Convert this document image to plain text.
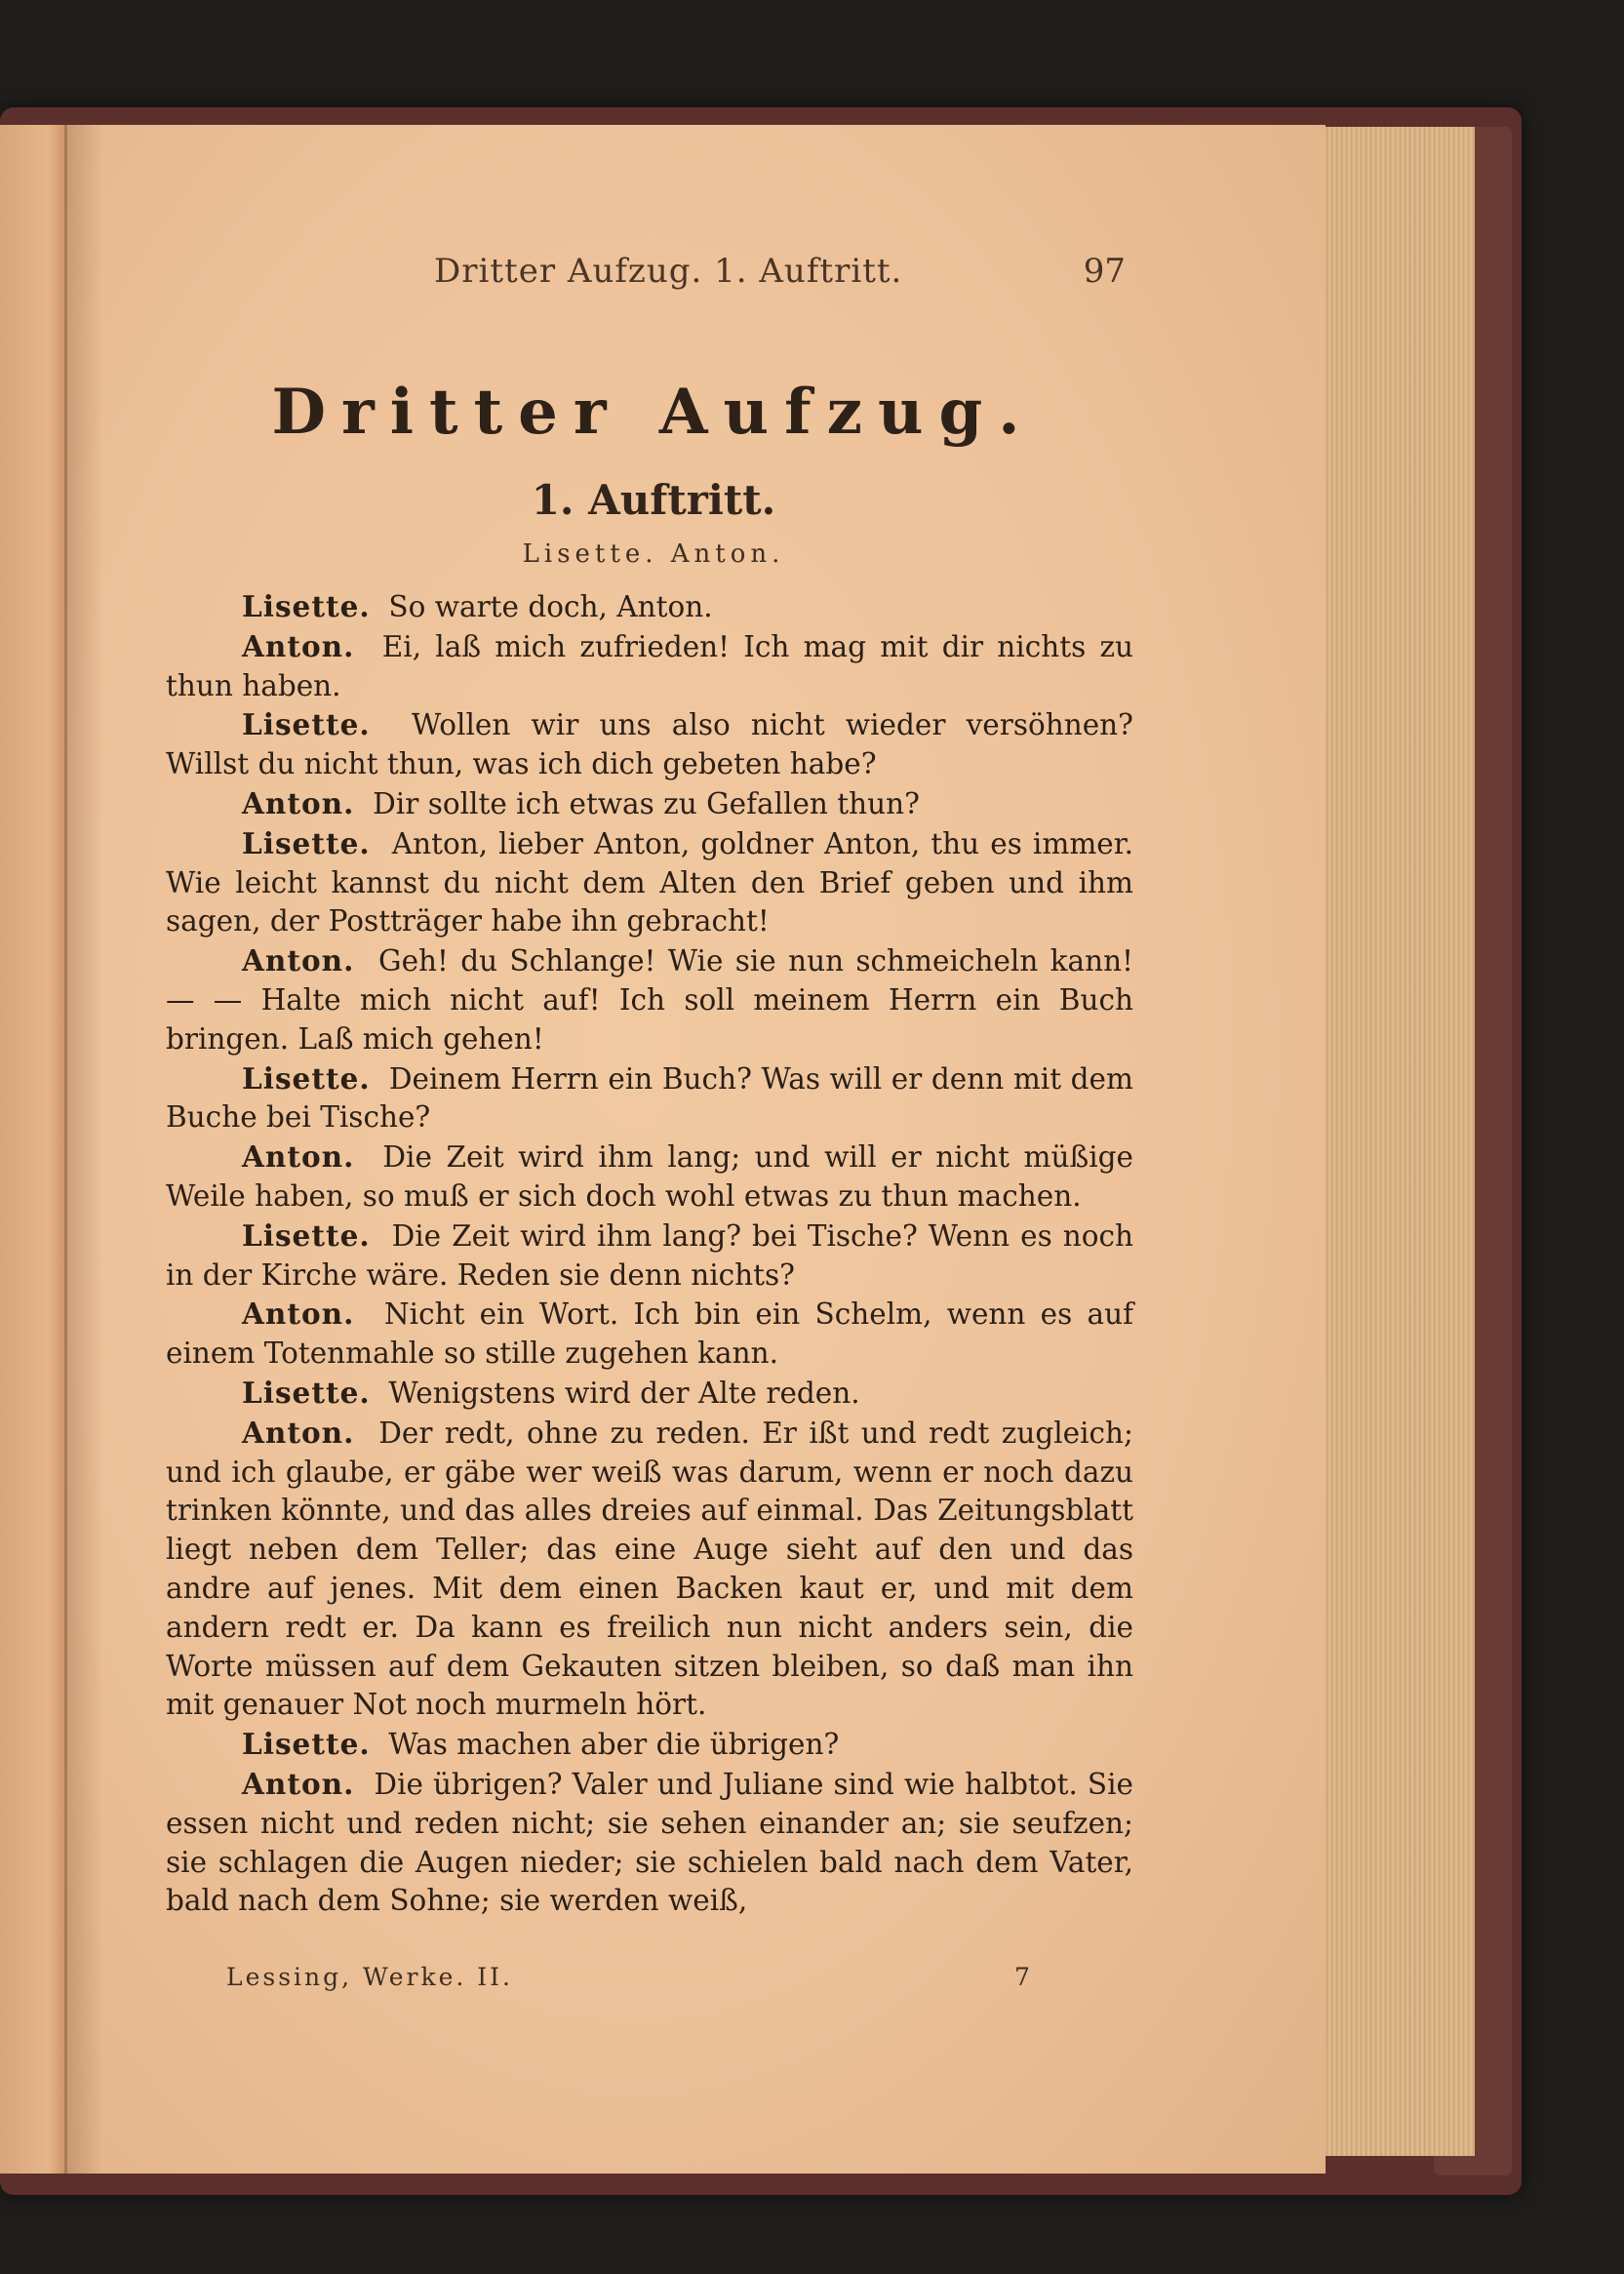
Dritter Aufzug. 1. Auftritt.	97
Dritter Aufzug.
1. Auftritt.
Lisette. Anton.

Lisette. So warte doch, Anton.

Anton. Ei, laß mich zufrieden! Ich mag mit dir nichts zu thun haben.

Lisette. Wollen wir uns also nicht wieder versöhnen? Willst du nicht thun, was ich dich gebeten habe?

Anton. Dir sollte ich etwas zu Gefallen thun?

Lisette. Anton, lieber Anton, goldner Anton, thu es immer. Wie leicht kannst du nicht dem Alten den Brief geben und ihm sagen, der Postträger habe ihn gebracht!

Anton. Geh! du Schlange! Wie sie nun schmeicheln kann! — — Halte mich nicht auf! Ich soll meinem Herrn ein Buch bringen. Laß mich gehen!

Lisette. Deinem Herrn ein Buch? Was will er denn mit dem Buche bei Tische?

Anton. Die Zeit wird ihm lang; und will er nicht müßige Weile haben, so muß er sich doch wohl etwas zu thun machen.

Lisette. Die Zeit wird ihm lang? bei Tische? Wenn es noch in der Kirche wäre. Reden sie denn nichts?

Anton. Nicht ein Wort. Ich bin ein Schelm, wenn es auf einem Totenmahle so stille zugehen kann.

Lisette. Wenigstens wird der Alte reden.

Anton. Der redt, ohne zu reden. Er ißt und redt zugleich; und ich glaube, er gäbe wer weiß was darum, wenn er noch dazu trinken könnte, und das alles dreies auf einmal. Das Zeitungsblatt liegt neben dem Teller; das eine Auge sieht auf den und das andre auf jenes. Mit dem einen Backen kaut er, und mit dem andern redt er. Da kann es freilich nun nicht anders sein, die Worte müssen auf dem Gekauten sitzen bleiben, so daß man ihn mit genauer Not noch murmeln hört.

Lisette. Was machen aber die übrigen?

Anton. Die übrigen? Valer und Juliane sind wie halbtot. Sie essen nicht und reden nicht; sie sehen einander an; sie seufzen; sie schlagen die Augen nieder; sie schielen bald nach dem Vater, bald nach dem Sohne; sie werden weiß,

Lessing, Werke. II.	7
